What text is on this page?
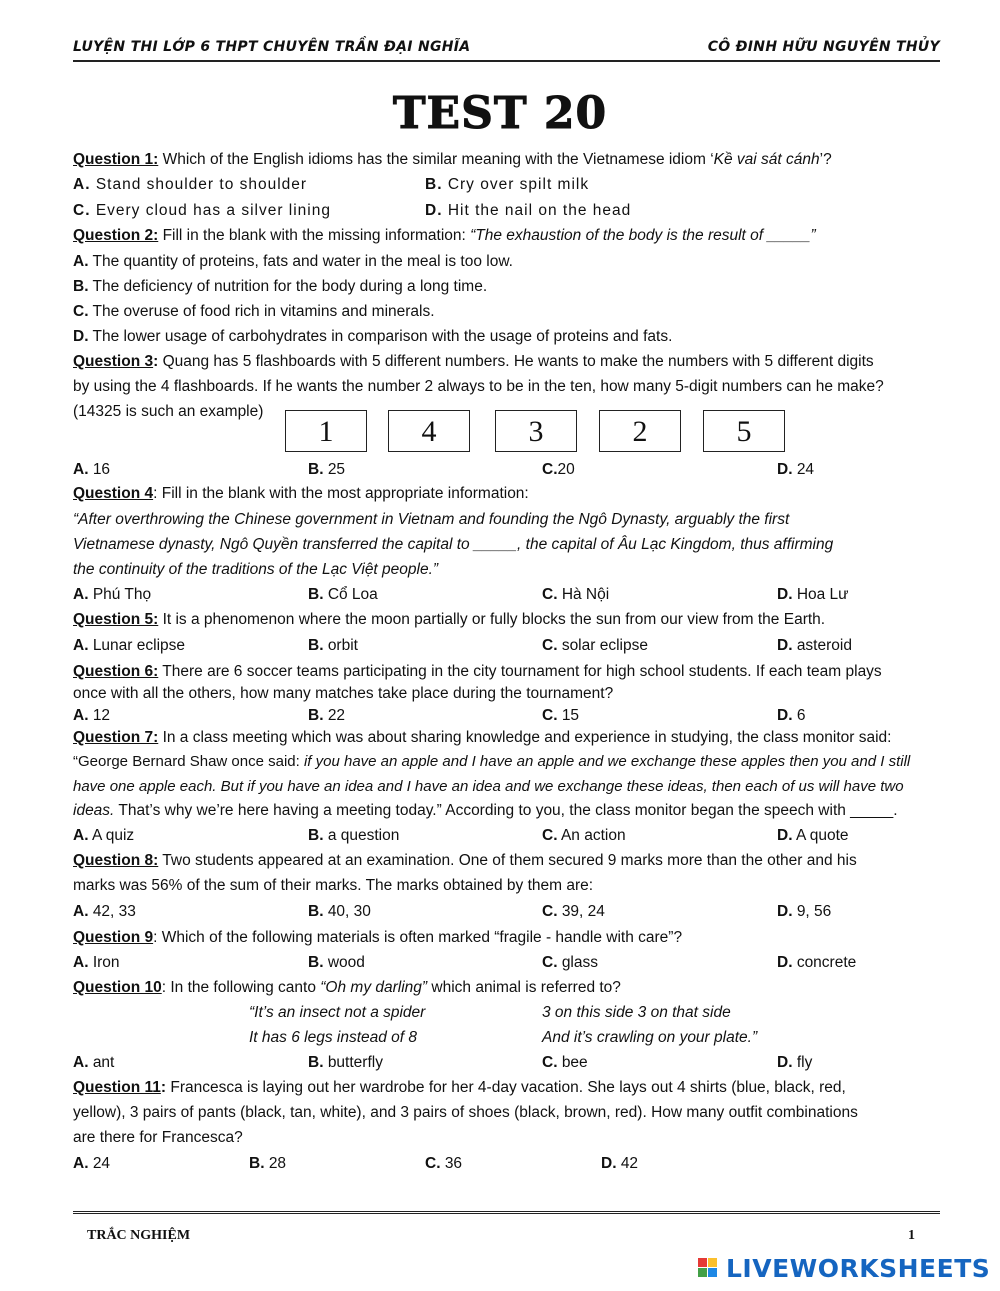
LUYỆN THI LỚP 6 THPT CHUYÊN TRẦN ĐẠI NGHĨA	CÔ ĐINH HỮU NGUYÊN THỦY
TEST 20
Question 1: Which of the English idioms has the similar meaning with the Vietnamese idiom ‘Kề vai sát cánh’?
A. Stand shoulder to shoulder	B. Cry over spilt milk
C. Every cloud has a silver lining	D. Hit the nail on the head
Question 2: Fill in the blank with the missing information: “The exhaustion of the body is the result of _____”
A. The quantity of proteins, fats and water in the meal is too low.
B. The deficiency of nutrition for the body during a long time.
C. The overuse of food rich in vitamins and minerals.
D. The lower usage of carbohydrates in comparison with the usage of proteins and fats.
Question 3: Quang has 5 flashboards with 5 different numbers. He wants to make the numbers with 5 different digits
by using the 4 flashboards. If he wants the number 2 always to be in the ten, how many 5-digit numbers can he make?
(14325 is such an example)
1	4	3	2	5
A. 16	B. 25	C.20	D. 24
Question 4: Fill in the blank with the most appropriate information:
“After overthrowing the Chinese government in Vietnam and founding the Ngô Dynasty, arguably the first
Vietnamese dynasty, Ngô Quyền transferred the capital to _____, the capital of Âu Lạc Kingdom, thus affirming
the continuity of the traditions of the Lạc Việt people.”
A. Phú Thọ	B. Cổ Loa	C. Hà Nội	D. Hoa Lư
Question 5: It is a phenomenon where the moon partially or fully blocks the sun from our view from the Earth.
A. Lunar eclipse	B. orbit	C. solar eclipse	D. asteroid
Question 6: There are 6 soccer teams participating in the city tournament for high school students. If each team plays
once with all the others, how many matches take place during the tournament?
A. 12	B. 22	C. 15	D. 6
Question 7: In a class meeting which was about sharing knowledge and experience in studying, the class monitor said:
“George Bernard Shaw once said: if you have an apple and I have an apple and we exchange these apples then you and I still
have one apple each. But if you have an idea and I have an idea and we exchange these ideas, then each of us will have two
ideas. That’s why we’re here having a meeting today.” According to you, the class monitor began the speech with _____.
A. A quiz	B. a question	C. An action	D. A quote
Question 8: Two students appeared at an examination. One of them secured 9 marks more than the other and his
marks was 56% of the sum of their marks. The marks obtained by them are:
A. 42, 33	B. 40, 30	C. 39, 24	D. 9, 56
Question 9: Which of the following materials is often marked “fragile - handle with care”?
A. Iron	B. wood	C. glass	D. concrete
Question 10: In the following canto “Oh my darling” which animal is referred to?
“It’s an insect not a spider	3 on this side 3 on that side
It has 6 legs instead of 8	And it’s crawling on your plate.”
A. ant	B. butterfly	C. bee	D. fly
Question 11: Francesca is laying out her wardrobe for her 4-day vacation. She lays out 4 shirts (blue, black, red,
yellow), 3 pairs of pants (black, tan, white), and 3 pairs of shoes (black, brown, red). How many outfit combinations
are there for Francesca?
A. 24	B. 28	C. 36	D. 42
TRẮC NGHIỆM	1
LIVEWORKSHEETS
